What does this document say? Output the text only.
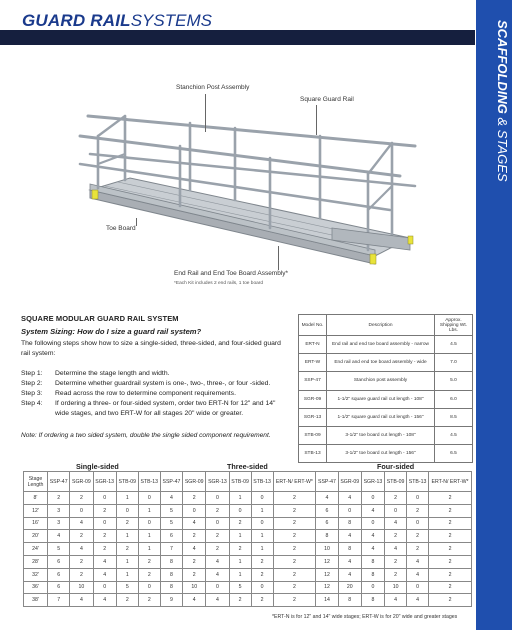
GUARD RAILSYSTEMS	SCAFFOLDING & STAGES
Stanchion Post Assembly
Square Guard Rail
Toe Board
End Rail and End Toe Board Assembly*
*Each Kit includes 2 end rails, 1 toe board
SQUARE MODULAR GUARD RAIL SYSTEM
System Sizing: How do I size a guard rail system?
The following steps show how to size a single-sided, three-sided, and four-sided guard rail system:
Step 1:	Determine the stage length and width.
Step 2:	Determine whether guardrail system is one-, two-, three-, or four -sided.
Step 3:	Read across the row to determine component requirements.
Step 4:	If ordering a three- or four-sided system, order two ERT-N for 12" and 14" wide stages, and two ERT-W for all stages 20" wide or greater.
Note: If ordering a two sided system, double the single sided component requirement.
Model No.	Description	Approx. Shipping Wt. Lbs.
ERT-N	End rail and end toe board assembly - narrow	4.5
ERT-W	End rail and end toe board assembly - wide	7.0
SSP-47	Stanchion post assembly	5.0
SGR-09	1-1/2" square guard rail cut length - 108"	6.0
SGR-13	1-1/2" square guard rail cut length - 156"	8.5
STB-09	3-1/2" toe board cut length - 108"	4.5
STB-13	3-1/2" toe board cut length - 156"	6.5
Single-sided	Three-sided	Four-sided
Stage Length	SSP-47	SGR-09	SGR-13	STB-09	STB-13	SSP-47	SGR-09	SGR-13	STB-09	STB-13	ERT-N/ ERT-W*	SSP-47	SGR-09	SGR-13	STB-09	STB-13	ERT-N/ ERT-W*
8'	2	2	0	1	0	4	2	0	1	0	2	4	4	0	2	0	2
12'	3	0	2	0	1	5	0	2	0	1	2	6	0	4	0	2	2
16'	3	4	0	2	0	5	4	0	2	0	2	6	8	0	4	0	2
20'	4	2	2	1	1	6	2	2	1	1	2	8	4	4	2	2	2
24'	5	4	2	2	1	7	4	2	2	1	2	10	8	4	4	2	2
28'	6	2	4	1	2	8	2	4	1	2	2	12	4	8	2	4	2
32'	6	2	4	1	2	8	2	4	1	2	2	12	4	8	2	4	2
36'	6	10	0	5	0	8	10	0	5	0	2	12	20	0	10	0	2
38'	7	4	4	2	2	9	4	4	2	2	2	14	8	8	4	4	2
*ERT-N is for 12" and 14" wide stages; ERT-W is for 20" wide and greater stages
